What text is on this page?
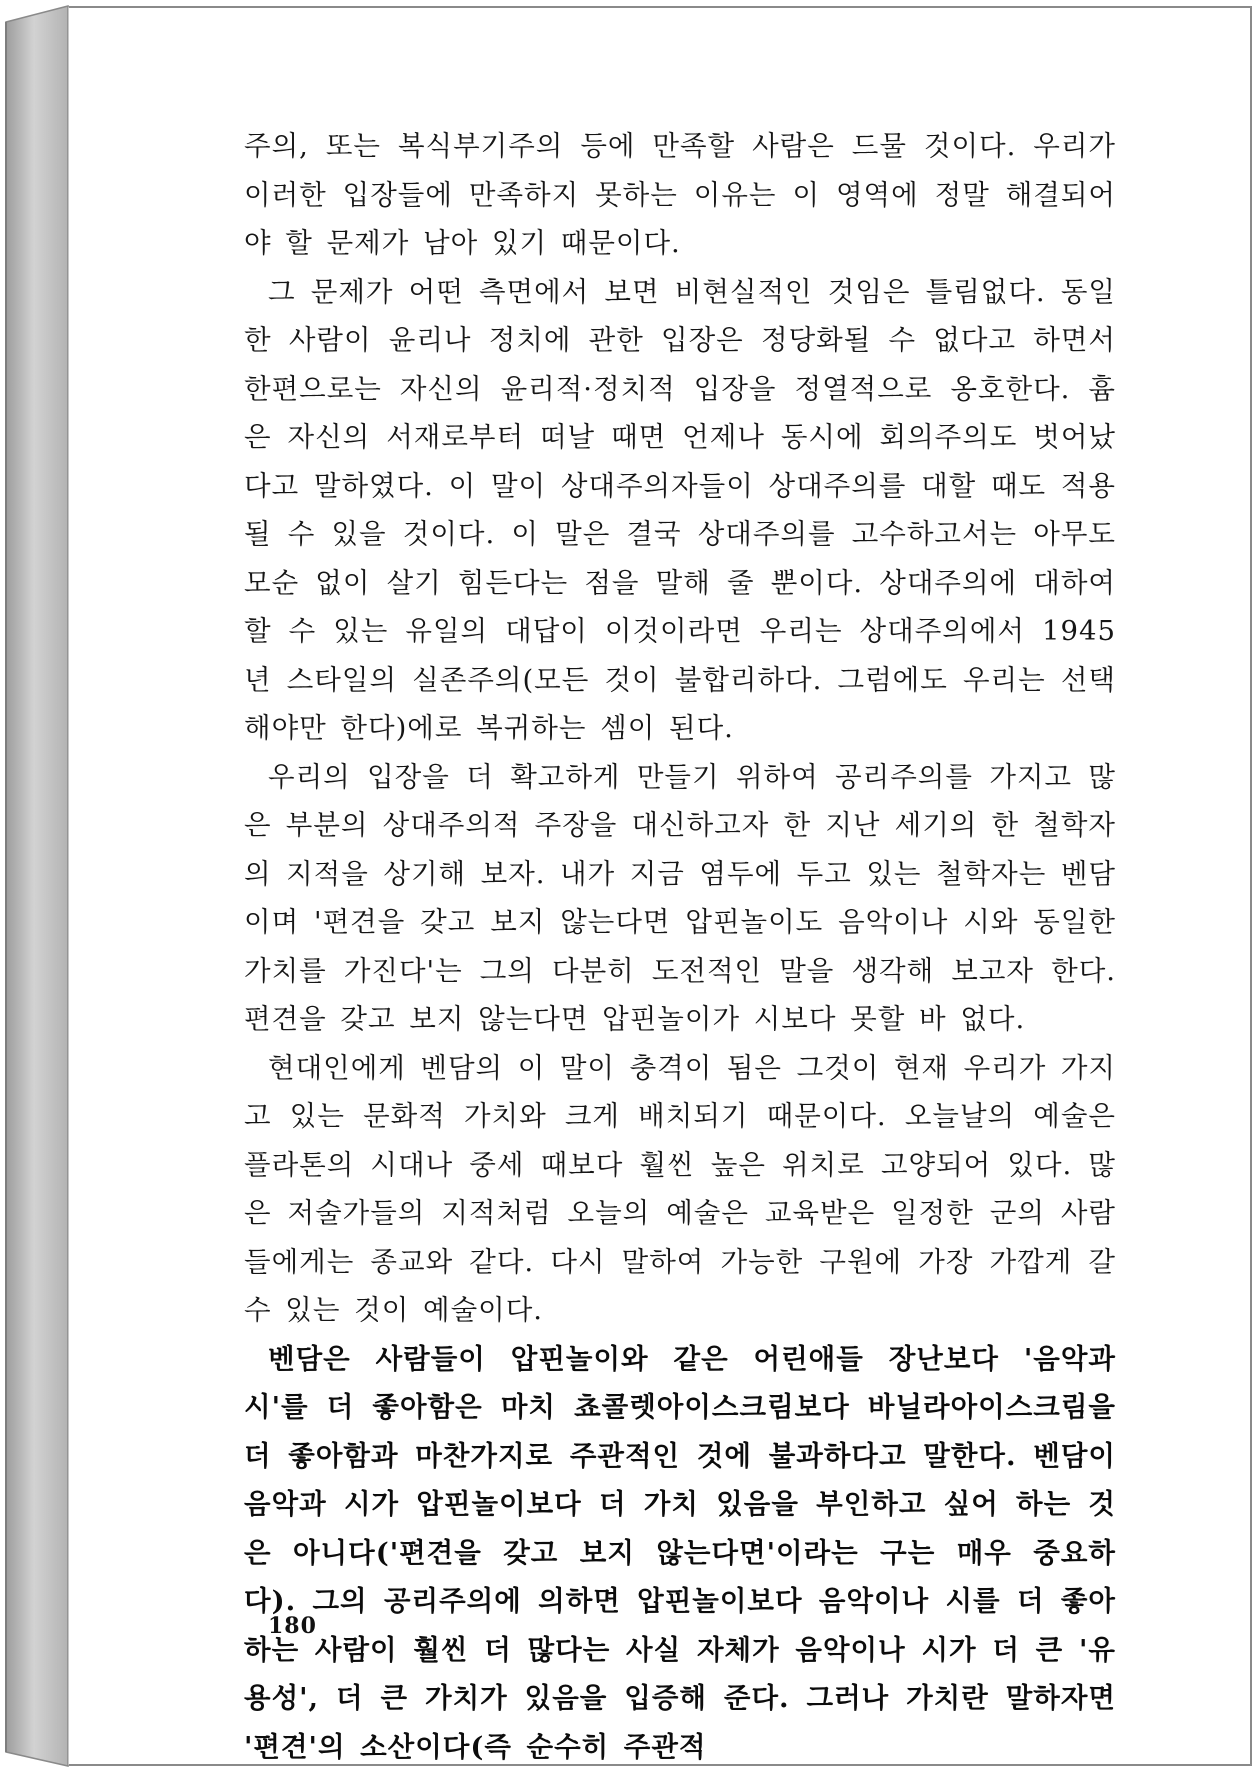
주의, 또는 복식부기주의 등에 만족할 사람은 드물 것이다. 우리가 이러한 입장들에 만족하지 못하는 이유는 이 영역에 정말 해결되어야 할 문제가 남아 있기 때문이다.

그 문제가 어떤 측면에서 보면 비현실적인 것임은 틀림없다. 동일한 사람이 윤리나 정치에 관한 입장은 정당화될 수 없다고 하면서 한편으로는 자신의 윤리적·정치적 입장을 정열적으로 옹호한다. 흄은 자신의 서재로부터 떠날 때면 언제나 동시에 회의주의도 벗어났다고 말하였다. 이 말이 상대주의자들이 상대주의를 대할 때도 적용될 수 있을 것이다. 이 말은 결국 상대주의를 고수하고서는 아무도 모순 없이 살기 힘든다는 점을 말해 줄 뿐이다. 상대주의에 대하여 할 수 있는 유일의 대답이 이것이라면 우리는 상대주의에서 1945년 스타일의 실존주의(모든 것이 불합리하다. 그럼에도 우리는 선택해야만 한다)에로 복귀하는 셈이 된다.

우리의 입장을 더 확고하게 만들기 위하여 공리주의를 가지고 많은 부분의 상대주의적 주장을 대신하고자 한 지난 세기의 한 철학자의 지적을 상기해 보자. 내가 지금 염두에 두고 있는 철학자는 벤담이며 '편견을 갖고 보지 않는다면 압핀놀이도 음악이나 시와 동일한 가치를 가진다'는 그의 다분히 도전적인 말을 생각해 보고자 한다. 편견을 갖고 보지 않는다면 압핀놀이가 시보다 못할 바 없다.

현대인에게 벤담의 이 말이 충격이 됨은 그것이 현재 우리가 가지고 있는 문화적 가치와 크게 배치되기 때문이다. 오늘날의 예술은 플라톤의 시대나 중세 때보다 훨씬 높은 위치로 고양되어 있다. 많은 저술가들의 지적처럼 오늘의 예술은 교육받은 일정한 군의 사람들에게는 종교와 같다. 다시 말하여 가능한 구원에 가장 가깝게 갈 수 있는 것이 예술이다.

벤담은 사람들이 압핀놀이와 같은 어린애들 장난보다 '음악과 시'를 더 좋아함은 마치 쵸콜렛아이스크림보다 바닐라아이스크림을 더 좋아함과 마찬가지로 주관적인 것에 불과하다고 말한다. 벤담이 음악과 시가 압핀놀이보다 더 가치 있음을 부인하고 싶어 하는 것은 아니다('편견을 갖고 보지 않는다면'이라는 구는 매우 중요하다). 그의 공리주의에 의하면 압핀놀이보다 음악이나 시를 더 좋아하는 사람이 훨씬 더 많다는 사실 자체가 음악이나 시가 더 큰 '유용성', 더 큰 가치가 있음을 입증해 준다. 그러나 가치란 말하자면 '편견'의 소산이다(즉 순수히 주관적

180
